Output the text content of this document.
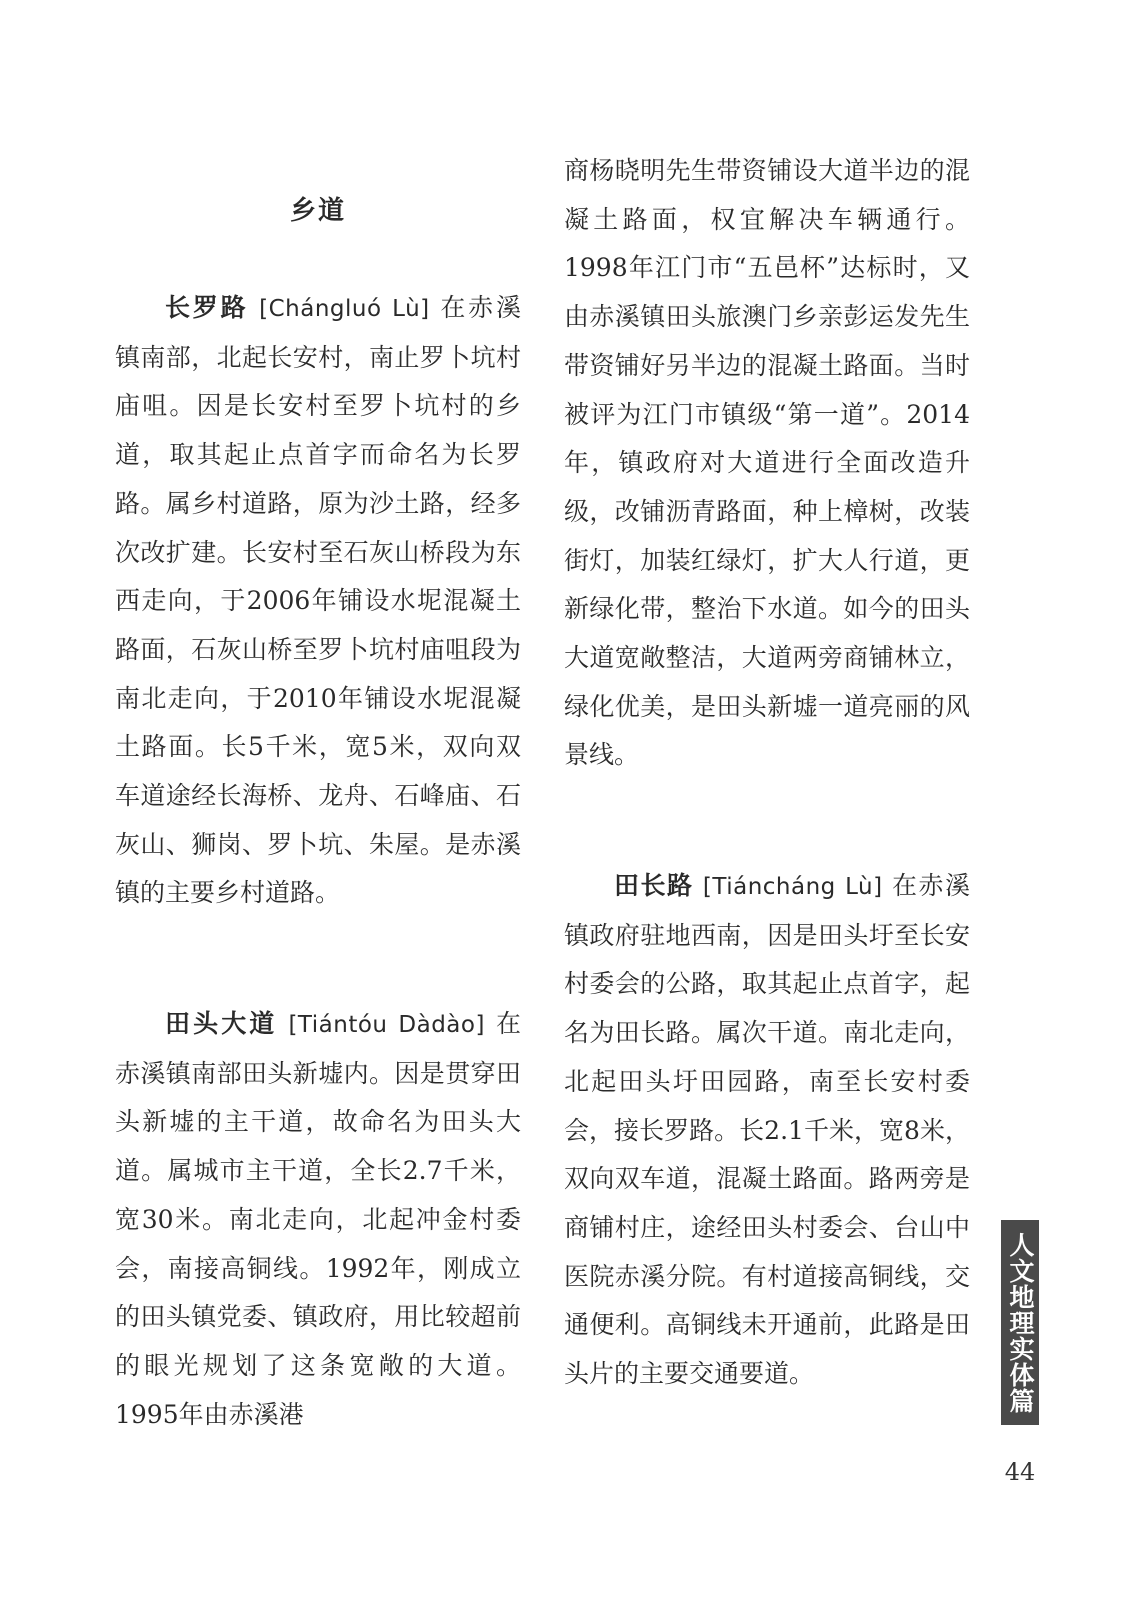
乡道

长罗路 [Chángluó Lù] 在赤溪镇南部，北起长安村，南止罗卜坑村庙咀。因是长安村至罗卜坑村的乡道，取其起止点首字而命名为长罗路。属乡村道路，原为沙土路，经多次改扩建。长安村至石灰山桥段为东西走向，于2006年铺设水坭混凝土路面，石灰山桥至罗卜坑村庙咀段为南北走向，于2010年铺设水坭混凝土路面。长5千米，宽5米，双向双车道途经长海桥、龙舟、石峰庙、石灰山、狮岗、罗卜坑、朱屋。是赤溪镇的主要乡村道路。

田头大道 [Tiántóu Dàdào] 在赤溪镇南部田头新墟内。因是贯穿田头新墟的主干道，故命名为田头大道。属城市主干道，全长2.7千米，宽30米。南北走向，北起冲金村委会，南接高铜线。1992年，刚成立的田头镇党委、镇政府，用比较超前的眼光规划了这条宽敞的大道。1995年由赤溪港

商杨晓明先生带资铺设大道半边的混凝土路面，权宜解决车辆通行。1998年江门市“五邑杯”达标时，又由赤溪镇田头旅澳门乡亲彭运发先生带资铺好另半边的混凝土路面。当时被评为江门市镇级“第一道”。2014年，镇政府对大道进行全面改造升级，改铺沥青路面，种上樟树，改装街灯，加装红绿灯，扩大人行道，更新绿化带，整治下水道。如今的田头大道宽敞整洁，大道两旁商铺林立，绿化优美，是田头新墟一道亮丽的风景线。

田长路 [Tiáncháng Lù] 在赤溪镇政府驻地西南，因是田头圩至长安村委会的公路，取其起止点首字，起名为田长路。属次干道。南北走向，北起田头圩田园路，南至长安村委会，接长罗路。长2.1千米，宽8米，双向双车道，混凝土路面。路两旁是商铺村庄，途经田头村委会、台山中医院赤溪分院。有村道接高铜线，交通便利。高铜线未开通前，此路是田头片的主要交通要道。	人文地理实体篇
44
